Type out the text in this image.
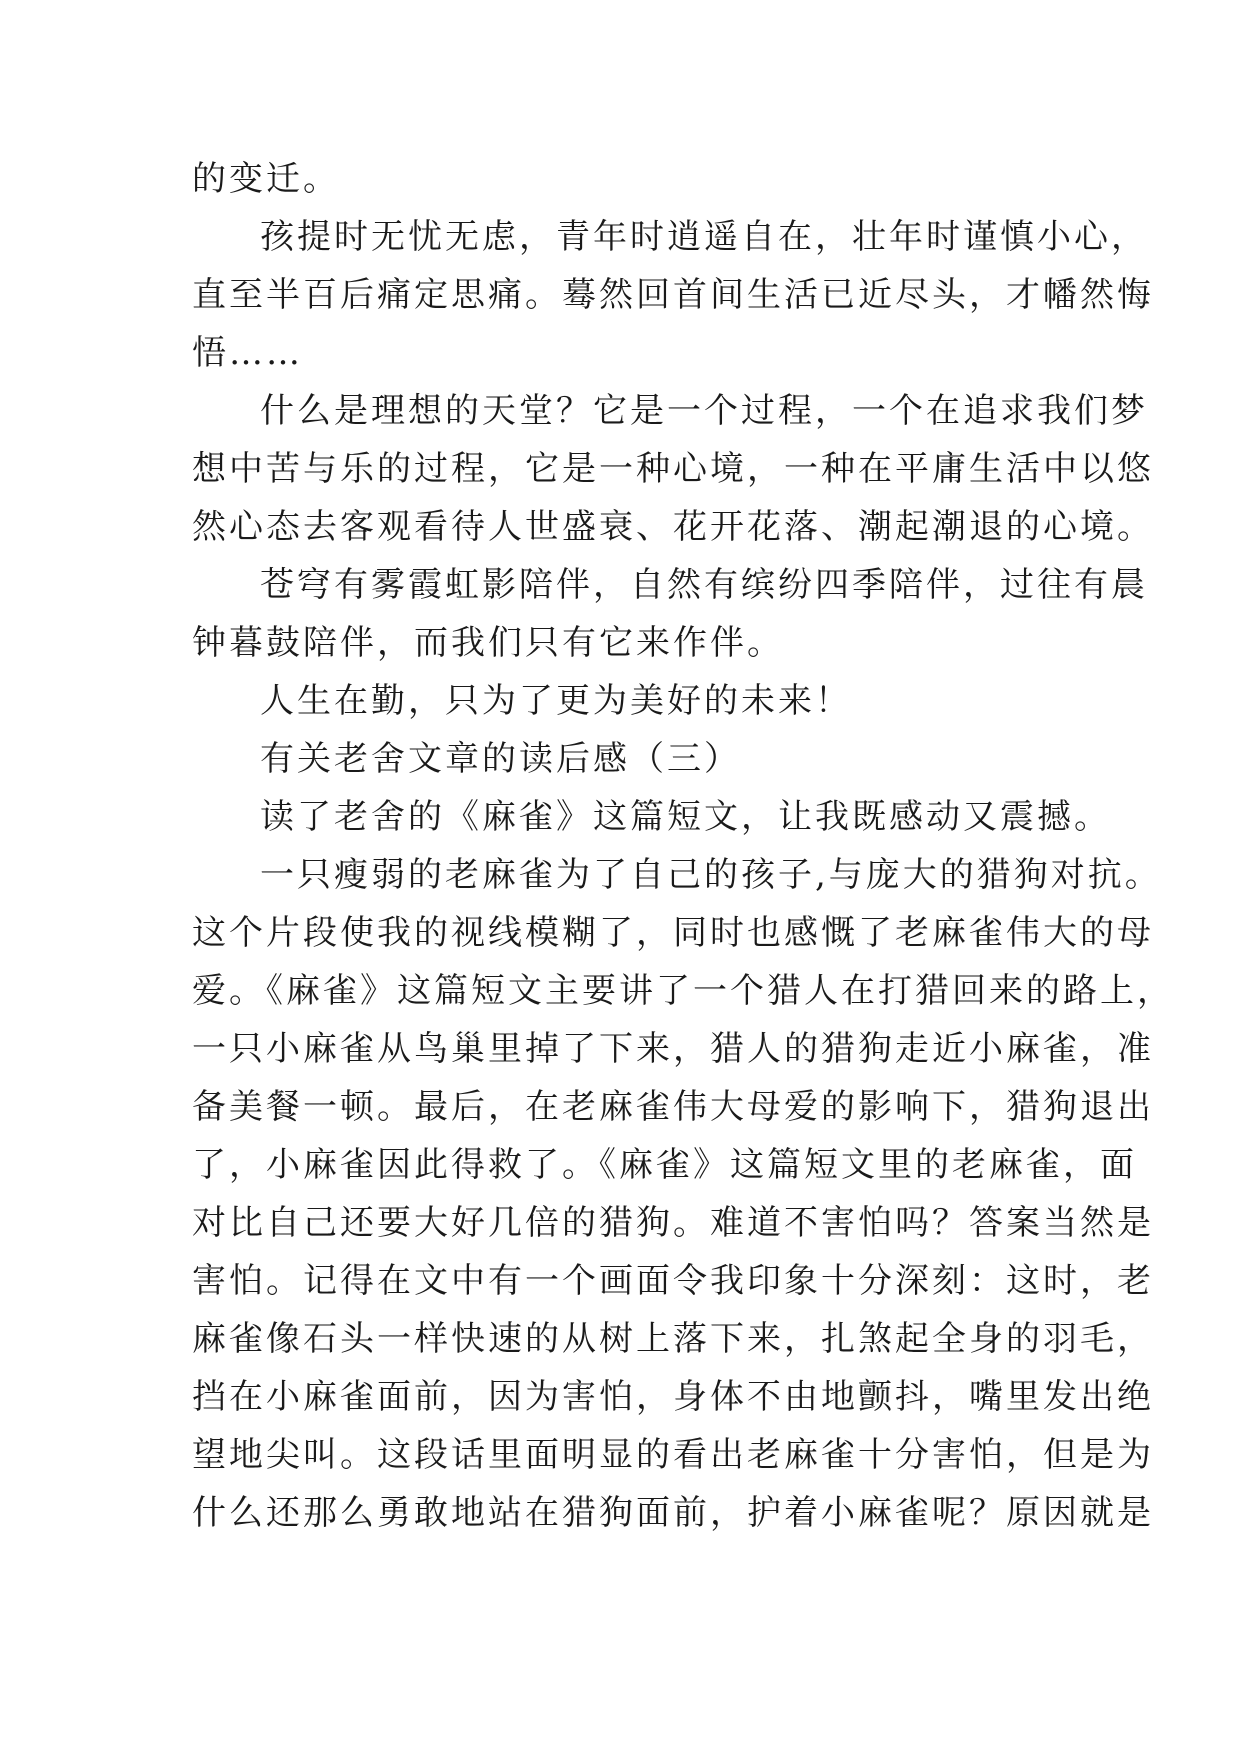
的变迁。
孩提时无忧无虑，青年时逍遥自在，壮年时谨慎小心，
直至半百后痛定思痛。蓦然回首间生活已近尽头，才幡然悔
悟……
什么是理想的天堂？它是一个过程，一个在追求我们梦
想中苦与乐的过程，它是一种心境，一种在平庸生活中以悠
然心态去客观看待人世盛衰、花开花落、潮起潮退的心境。
苍穹有雾霞虹影陪伴，自然有缤纷四季陪伴，过往有晨
钟暮鼓陪伴，而我们只有它来作伴。
人生在勤，只为了更为美好的未来！
有关老舍文章的读后感（三）
读了老舍的《麻雀》这篇短文，让我既感动又震撼。
一只瘦弱的老麻雀为了自己的孩子,与庞大的猎狗对抗。
这个片段使我的视线模糊了，同时也感慨了老麻雀伟大的母
爱。《麻雀》这篇短文主要讲了一个猎人在打猎回来的路上，
一只小麻雀从鸟巢里掉了下来，猎人的猎狗走近小麻雀，准
备美餐一顿。最后，在老麻雀伟大母爱的影响下，猎狗退出
了，小麻雀因此得救了。《麻雀》这篇短文里的老麻雀，面
对比自己还要大好几倍的猎狗。难道不害怕吗？答案当然是
害怕。记得在文中有一个画面令我印象十分深刻：这时，老
麻雀像石头一样快速的从树上落下来，扎煞起全身的羽毛，
挡在小麻雀面前，因为害怕，身体不由地颤抖，嘴里发出绝
望地尖叫。这段话里面明显的看出老麻雀十分害怕，但是为
什么还那么勇敢地站在猎狗面前，护着小麻雀呢？原因就是
